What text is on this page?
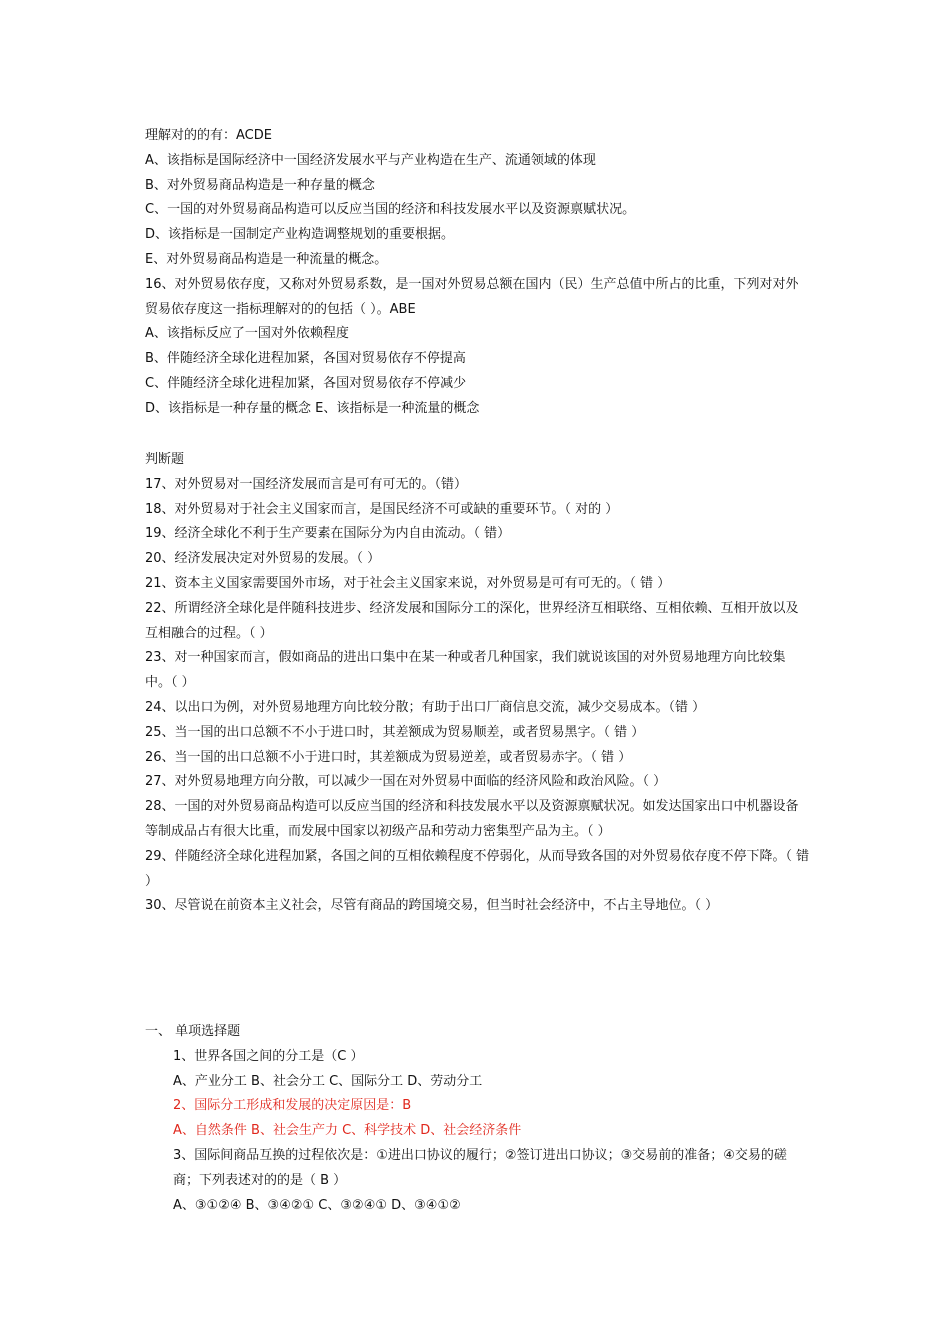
理解对的的有：ACDE
A、该指标是国际经济中一国经济发展水平与产业构造在生产、流通领域的体现
B、对外贸易商品构造是一种存量的概念
C、一国的对外贸易商品构造可以反应当国的经济和科技发展水平以及资源禀赋状况。
D、该指标是一国制定产业构造调整规划的重要根据。
E、对外贸易商品构造是一种流量的概念。
16、对外贸易依存度，又称对外贸易系数，是一国对外贸易总额在国内（民）生产总值中所占的比重，下列对对外贸易依存度这一指标理解对的的包括（ ）。ABE
A、该指标反应了一国对外依赖程度
B、伴随经济全球化进程加紧，各国对贸易依存不停提高
C、伴随经济全球化进程加紧，各国对贸易依存不停减少
D、该指标是一种存量的概念 E、该指标是一种流量的概念
判断题
17、对外贸易对一国经济发展而言是可有可无的。（错）
18、对外贸易对于社会主义国家而言，是国民经济不可或缺的重要环节。（ 对的 ）
19、经济全球化不利于生产要素在国际分为内自由流动。（ 错）
20、经济发展决定对外贸易的发展。（ ）
21、资本主义国家需要国外市场，对于社会主义国家来说，对外贸易是可有可无的。（ 错 ）
22、所谓经济全球化是伴随科技进步、经济发展和国际分工的深化，世界经济互相联络、互相依赖、互相开放以及互相融合的过程。（ ）
23、对一种国家而言，假如商品的进出口集中在某一种或者几种国家，我们就说该国的对外贸易地理方向比较集中。（ ）
24、以出口为例，对外贸易地理方向比较分散；有助于出口厂商信息交流，减少交易成本。（错 ）
25、当一国的出口总额不不小于进口时，其差额成为贸易顺差，或者贸易黑字。（ 错 ）
26、当一国的出口总额不小于进口时，其差额成为贸易逆差，或者贸易赤字。（ 错 ）
27、对外贸易地理方向分散，可以减少一国在对外贸易中面临的经济风险和政治风险。（ ）
28、一国的对外贸易商品构造可以反应当国的经济和科技发展水平以及资源禀赋状况。如发达国家出口中机器设备等制成品占有很大比重，而发展中国家以初级产品和劳动力密集型产品为主。（ ）
29、伴随经济全球化进程加紧，各国之间的互相依赖程度不停弱化，从而导致各国的对外贸易依存度不停下降。（ 错 ）
30、尽管说在前资本主义社会，尽管有商品的跨国境交易，但当时社会经济中，不占主导地位。（ ）
一、 单项选择题
1、世界各国之间的分工是（C ）
A、产业分工 B、社会分工 C、国际分工 D、劳动分工
2、国际分工形成和发展的决定原因是：B
A、自然条件 B、社会生产力 C、科学技术 D、社会经济条件
3、国际间商品互换的过程依次是：①进出口协议的履行；②签订进出口协议；③交易前的准备；④交易的磋商；下列表述对的的是（ B ）
A、③①②④ B、③④②① C、③②④① D、③④①②
